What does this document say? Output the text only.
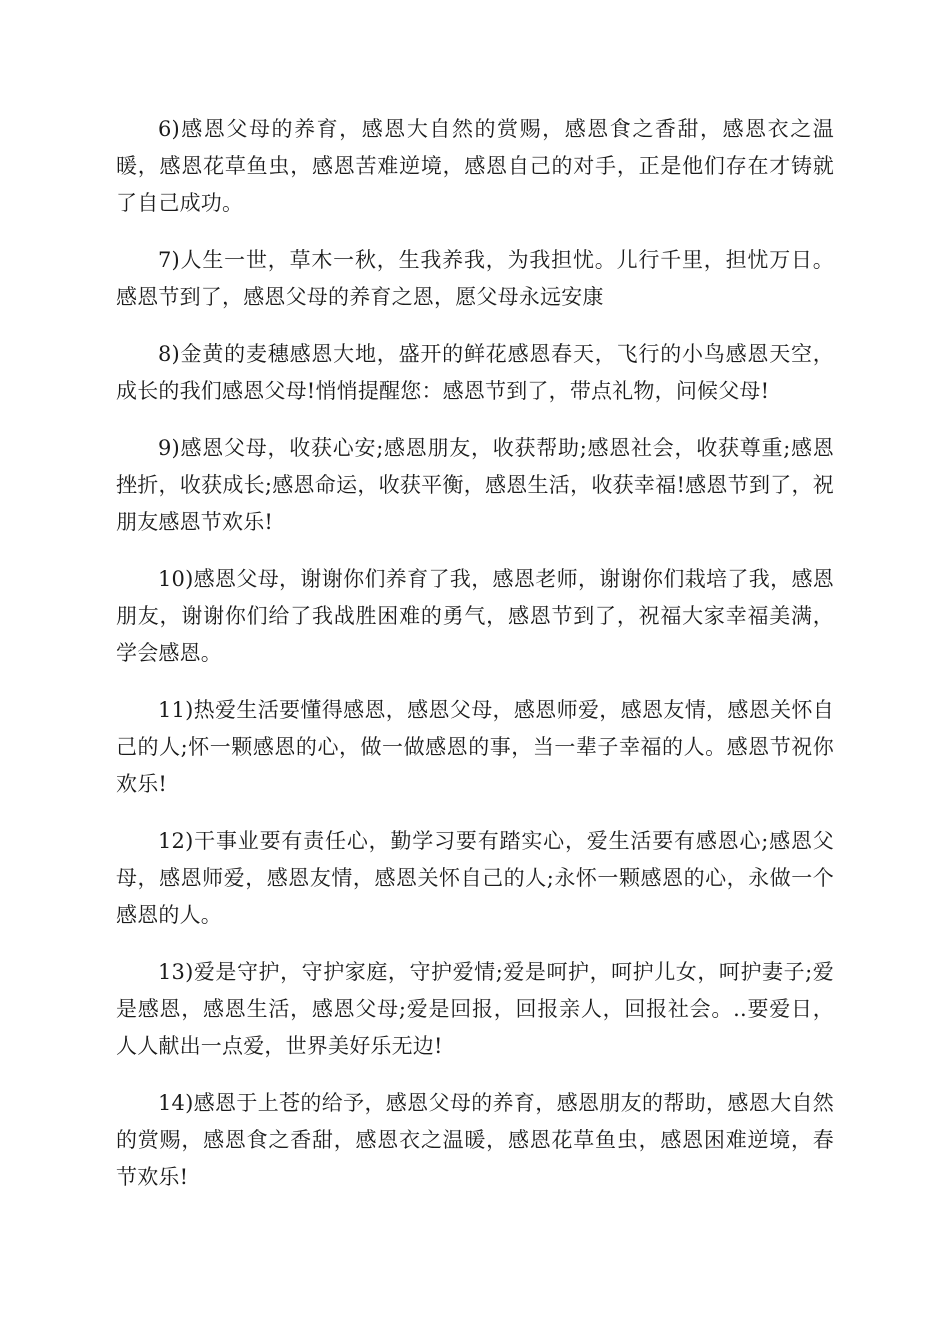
6)感恩父母的养育，感恩大自然的赏赐，感恩食之香甜，感恩衣之温暖，感恩花草鱼虫，感恩苦难逆境，感恩自己的对手，正是他们存在才铸就了自己成功。

7)人生一世，草木一秋，生我养我，为我担忧。儿行千里，担忧万日。感恩节到了，感恩父母的养育之恩，愿父母永远安康

8)金黄的麦穗感恩大地，盛开的鲜花感恩春天，飞行的小鸟感恩天空，成长的我们感恩父母!悄悄提醒您：感恩节到了，带点礼物，问候父母!

9)感恩父母，收获心安;感恩朋友，收获帮助;感恩社会，收获尊重;感恩挫折，收获成长;感恩命运，收获平衡，感恩生活，收获幸福!感恩节到了，祝朋友感恩节欢乐!

10)感恩父母，谢谢你们养育了我，感恩老师，谢谢你们栽培了我，感恩朋友，谢谢你们给了我战胜困难的勇气，感恩节到了，祝福大家幸福美满，学会感恩。

11)热爱生活要懂得感恩，感恩父母，感恩师爱，感恩友情，感恩关怀自己的人;怀一颗感恩的心，做一做感恩的事，当一辈子幸福的人。感恩节祝你欢乐!

12)干事业要有责任心，勤学习要有踏实心，爱生活要有感恩心;感恩父母，感恩师爱，感恩友情，感恩关怀自己的人;永怀一颗感恩的心，永做一个感恩的人。

13)爱是守护，守护家庭，守护爱情;爱是呵护，呵护儿女，呵护妻子;爱是感恩，感恩生活，感恩父母;爱是回报，回报亲人，回报社会。..要爱日，人人献出一点爱，世界美好乐无边!

14)感恩于上苍的给予，感恩父母的养育，感恩朋友的帮助，感恩大自然的赏赐，感恩食之香甜，感恩衣之温暖，感恩花草鱼虫，感恩困难逆境，春节欢乐!
